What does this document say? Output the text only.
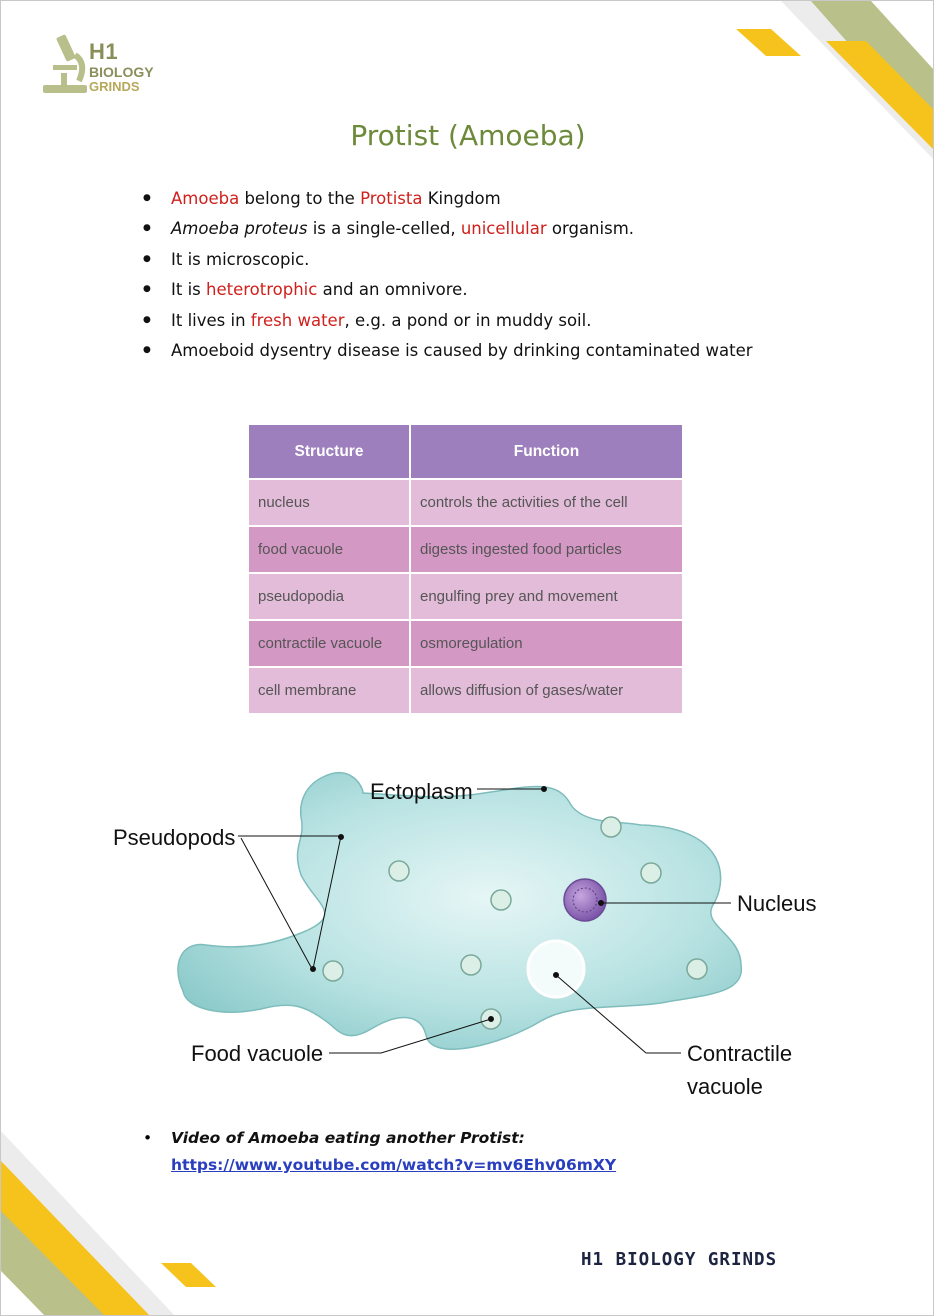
H1
BIOLOGY
GRINDS
Protist (Amoeba)
● Amoeba belong to the Protista Kingdom
● Amoeba proteus is a single-celled, unicellular organism.
● It is microscopic.
● It is heterotrophic and an omnivore.
● It lives in fresh water, e.g. a pond or in muddy soil.
● Amoeboid dysentry disease is caused by drinking contaminated water
Structure	Function
nucleus	controls the activities of the cell
food vacuole	digests ingested food particles
pseudopodia	engulfing prey and movement
contractile vacuole	osmoregulation
cell membrane	allows diffusion of gases/water
Ectoplasm
Pseudopods
Nucleus
Food vacuole	Contractile
vacuole
• Video of Amoeba eating another Protist:
https://www.youtube.com/watch?v=mv6Ehv06mXY
H1 BIOLOGY GRINDS
